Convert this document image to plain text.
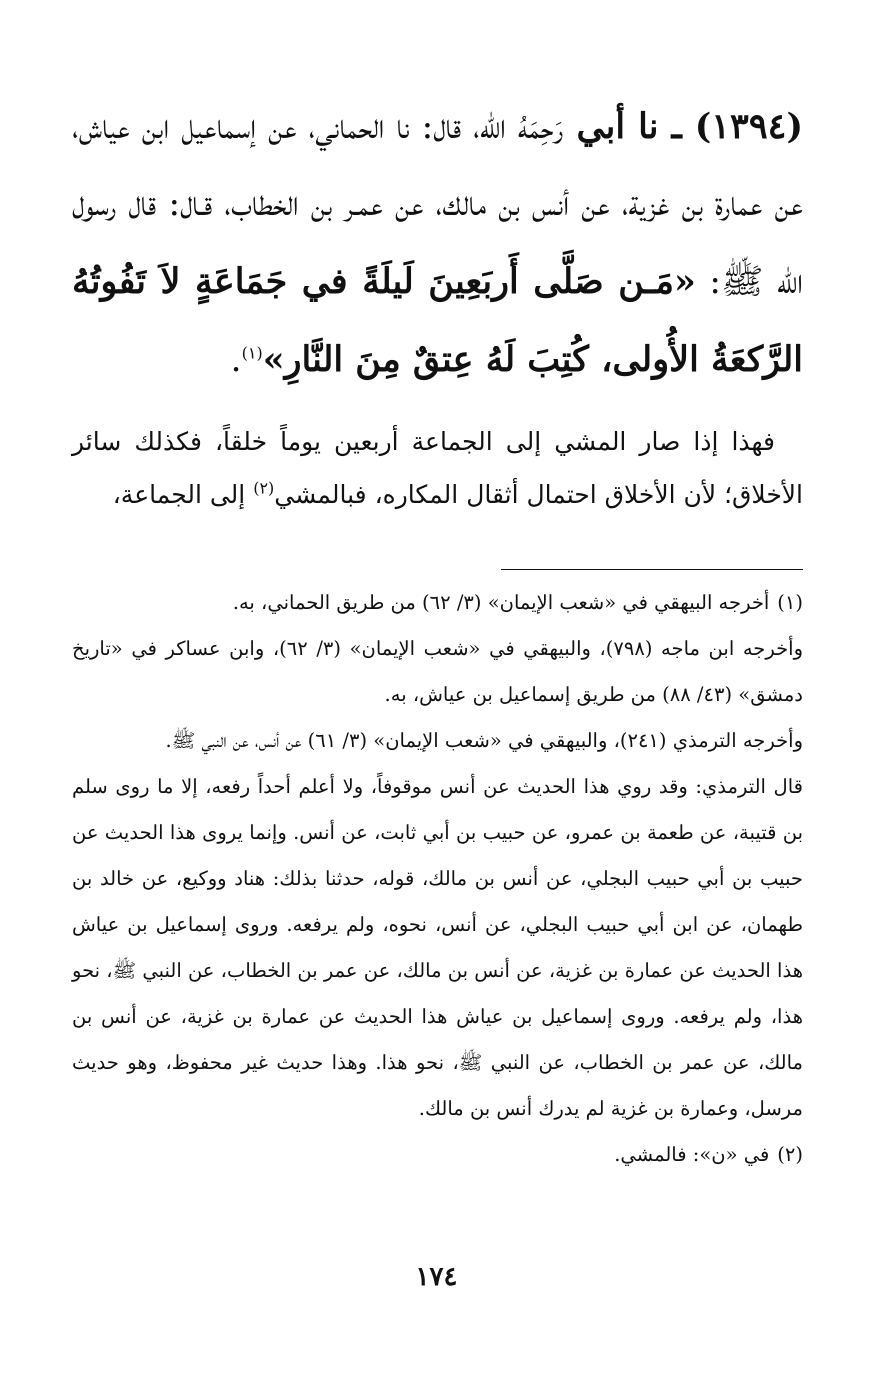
(١٣٩٤) ـ نا أبي رَحِمَهُ الله، قال: نا الحماني، عن إسماعيل ابن عياش، عن عمارة بن غزية، عن أنس بن مالك، عن عمـر بن الخطاب، قـال: قال رسول الله ﷺ: «مَـن صَلَّى أَربَعِينَ لَيلَةً في جَمَاعَةٍ لاَ تَفُوتُهُ الرَّكعَةُ الأُولى، كُتِبَ لَهُ عِتقٌ مِنَ النَّارِ»$^{(١)}$.

فهذا إذا صار المشي إلى الجماعة أربعين يوماً خلقاً، فكذلك سائر الأخلاق؛ لأن الأخلاق احتمال أثقال المكاره، فبالمشي$^{(٢)}$ إلى الجماعة،

(١)أخرجه البيهقي في «شعب الإيمان» (٣/ ٦٢) من طريق الحماني، به.

وأخرجه ابن ماجه (٧٩٨)، والبيهقي في «شعب الإيمان» (٣/ ٦٢)، وابن عساكر في «تاريخ دمشق» (٤٣/ ٨٨) من طريق إسماعيل بن عياش، به.

وأخرجه الترمذي (٢٤١)، والبيهقي في «شعب الإيمان» (٣/ ٦١) عن أنس، عن النبي ﷺ.

قال الترمذي: وقد روي هذا الحديث عن أنس موقوفاً، ولا أعلم أحداً رفعه، إلا ما روى سلم بن قتيبة، عن طعمة بن عمرو، عن حبيب بن أبي ثابت، عن أنس. وإنما يروى هذا الحديث عن حبيب بن أبي حبيب البجلي، عن أنس بن مالك، قوله، حدثنا بذلك: هناد ووكيع، عن خالد بن طهمان، عن ابن أبي حبيب البجلي، عن أنس، نحوه، ولم يرفعه. وروى إسماعيل بن عياش هذا الحديث عن عمارة بن غزية، عن أنس بن مالك، عن عمر بن الخطاب، عن النبي ﷺ، نحو هذا، ولم يرفعه. وروى إسماعيل بن عياش هذا الحديث عن عمارة بن غزية، عن أنس بن مالك، عن عمر بن الخطاب، عن النبي ﷺ، نحو هذا. وهذا حديث غير محفوظ، وهو حديث مرسل، وعمارة بن غزية لم يدرك أنس بن مالك.

(٢)في «ن»: فالمشي.

١٧٤
